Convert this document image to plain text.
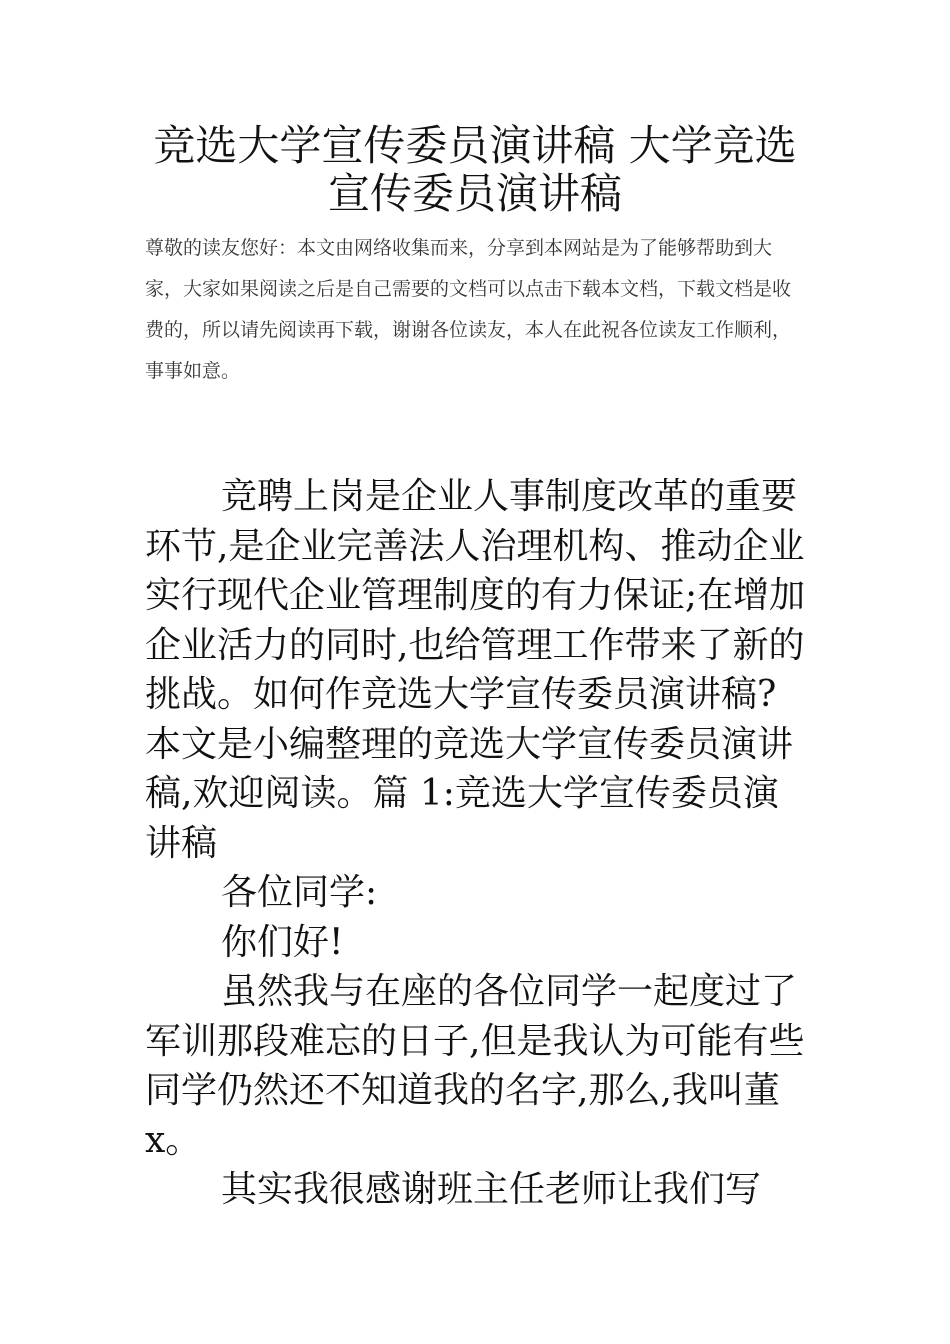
竞选大学宣传委员演讲稿 大学竞选宣传委员演讲稿

尊敬的读友您好：本文由网络收集而来，分享到本网站是为了能够帮助到大家，大家如果阅读之后是自己需要的文档可以点击下载本文档，下载文档是收费的，所以请先阅读再下载，谢谢各位读友，本人在此祝各位读友工作顺利，事事如意。

竞聘上岗是企业人事制度改革的重要环节,是企业完善法人治理机构、推动企业实行现代企业管理制度的有力保证;在增加企业活力的同时,也给管理工作带来了新的挑战。如何作竞选大学宣传委员演讲稿?本文是小编整理的竞选大学宣传委员演讲稿,欢迎阅读。篇 1:竞选大学宣传委员演讲稿

各位同学:

你们好!

虽然我与在座的各位同学一起度过了军训那段难忘的日子,但是我认为可能有些同学仍然还不知道我的名字,那么,我叫董 x。

其实我很感谢班主任老师让我们写
